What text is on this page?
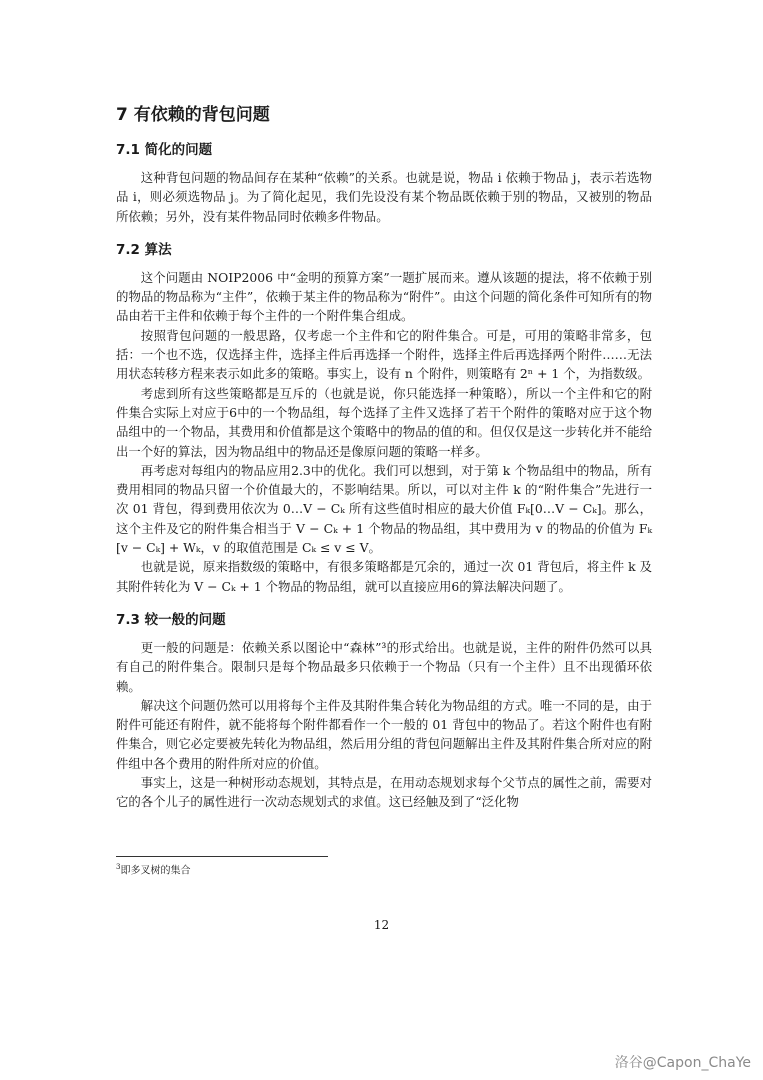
7 有依赖的背包问题
7.1 简化的问题

这种背包问题的物品间存在某种“依赖”的关系。也就是说，物品 i 依赖于物品 j，表示若选物品 i，则必须选物品 j。为了简化起见，我们先设没有某个物品既依赖于别的物品，又被别的物品所依赖；另外，没有某件物品同时依赖多件物品。

7.2 算法

这个问题由 NOIP2006 中“金明的预算方案”一题扩展而来。遵从该题的提法，将不依赖于别的物品的物品称为“主件”，依赖于某主件的物品称为“附件”。由这个问题的简化条件可知所有的物品由若干主件和依赖于每个主件的一个附件集合组成。

按照背包问题的一般思路，仅考虑一个主件和它的附件集合。可是，可用的策略非常多，包括：一个也不选，仅选择主件，选择主件后再选择一个附件，选择主件后再选择两个附件……无法用状态转移方程来表示如此多的策略。事实上，设有 n 个附件，则策略有 2ⁿ + 1 个，为指数级。

考虑到所有这些策略都是互斥的（也就是说，你只能选择一种策略），所以一个主件和它的附件集合实际上对应于6中的一个物品组，每个选择了主件又选择了若干个附件的策略对应于这个物品组中的一个物品，其费用和价值都是这个策略中的物品的值的和。但仅仅是这一步转化并不能给出一个好的算法，因为物品组中的物品还是像原问题的策略一样多。

再考虑对每组内的物品应用2.3中的优化。我们可以想到，对于第 k 个物品组中的物品，所有费用相同的物品只留一个价值最大的，不影响结果。所以，可以对主件 k 的“附件集合”先进行一次 01 背包，得到费用依次为 0…V − Cₖ 所有这些值时相应的最大价值 Fₖ[0…V − Cₖ]。那么，这个主件及它的附件集合相当于 V − Cₖ + 1 个物品的物品组，其中费用为 v 的物品的价值为 Fₖ[v − Cₖ] + Wₖ，v 的取值范围是 Cₖ ≤ v ≤ V。

也就是说，原来指数级的策略中，有很多策略都是冗余的，通过一次 01 背包后，将主件 k 及其附件转化为 V − Cₖ + 1 个物品的物品组，就可以直接应用6的算法解决问题了。

7.3 较一般的问题

更一般的问题是：依赖关系以图论中“森林”³的形式给出。也就是说，主件的附件仍然可以具有自己的附件集合。限制只是每个物品最多只依赖于一个物品（只有一个主件）且不出现循环依赖。

解决这个问题仍然可以用将每个主件及其附件集合转化为物品组的方式。唯一不同的是，由于附件可能还有附件，就不能将每个附件都看作一个一般的 01 背包中的物品了。若这个附件也有附件集合，则它必定要被先转化为物品组，然后用分组的背包问题解出主件及其附件集合所对应的附件组中各个费用的附件所对应的价值。

事实上，这是一种树形动态规划，其特点是，在用动态规划求每个父节点的属性之前，需要对它的各个儿子的属性进行一次动态规划式的求值。这已经触及到了“泛化物

$^3$即多叉树的集合
12
洛谷@Capon_ChaYe
